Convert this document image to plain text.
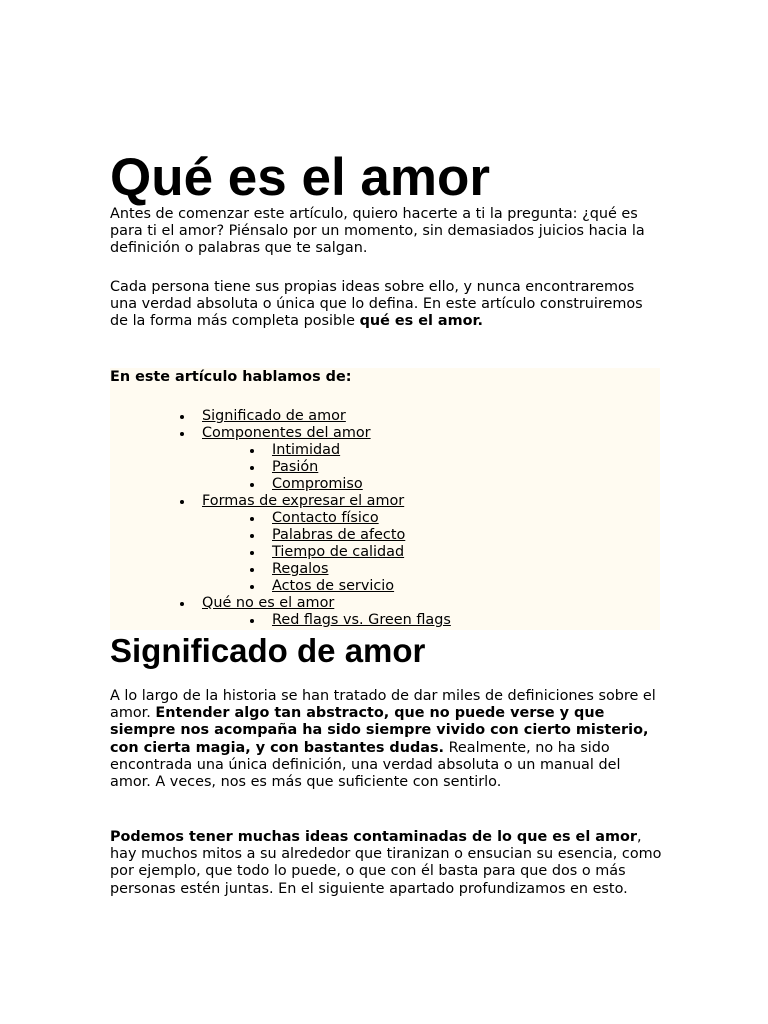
Qué es el amor

Antes de comenzar este artículo, quiero hacerte a ti la pregunta: ¿qué es para ti el amor? Piénsalo por un momento, sin demasiados juicios hacia la definición o palabras que te salgan.

Cada persona tiene sus propias ideas sobre ello, y nunca encontraremos una verdad absoluta o única que lo defina. En este artículo construiremos de la forma más completa posible qué es el amor.

En este artículo hablamos de:

Significado de amor
Componentes del amor
Intimidad
Pasión
Compromiso
Formas de expresar el amor
Contacto físico
Palabras de afecto
Tiempo de calidad
Regalos
Actos de servicio
Qué no es el amor
Red flags vs. Green flags
Significado de amor

A lo largo de la historia se han tratado de dar miles de definiciones sobre el amor. Entender algo tan abstracto, que no puede verse y que siempre nos acompaña ha sido siempre vivido con cierto misterio, con cierta magia, y con bastantes dudas. Realmente, no ha sido encontrada una única definición, una verdad absoluta o un manual del amor. A veces, nos es más que suficiente con sentirlo.

Podemos tener muchas ideas contaminadas de lo que es el amor, hay muchos mitos a su alrededor que tiranizan o ensucian su esencia, como por ejemplo, que todo lo puede, o que con él basta para que dos o más personas estén juntas. En el siguiente apartado profundizamos en esto.
